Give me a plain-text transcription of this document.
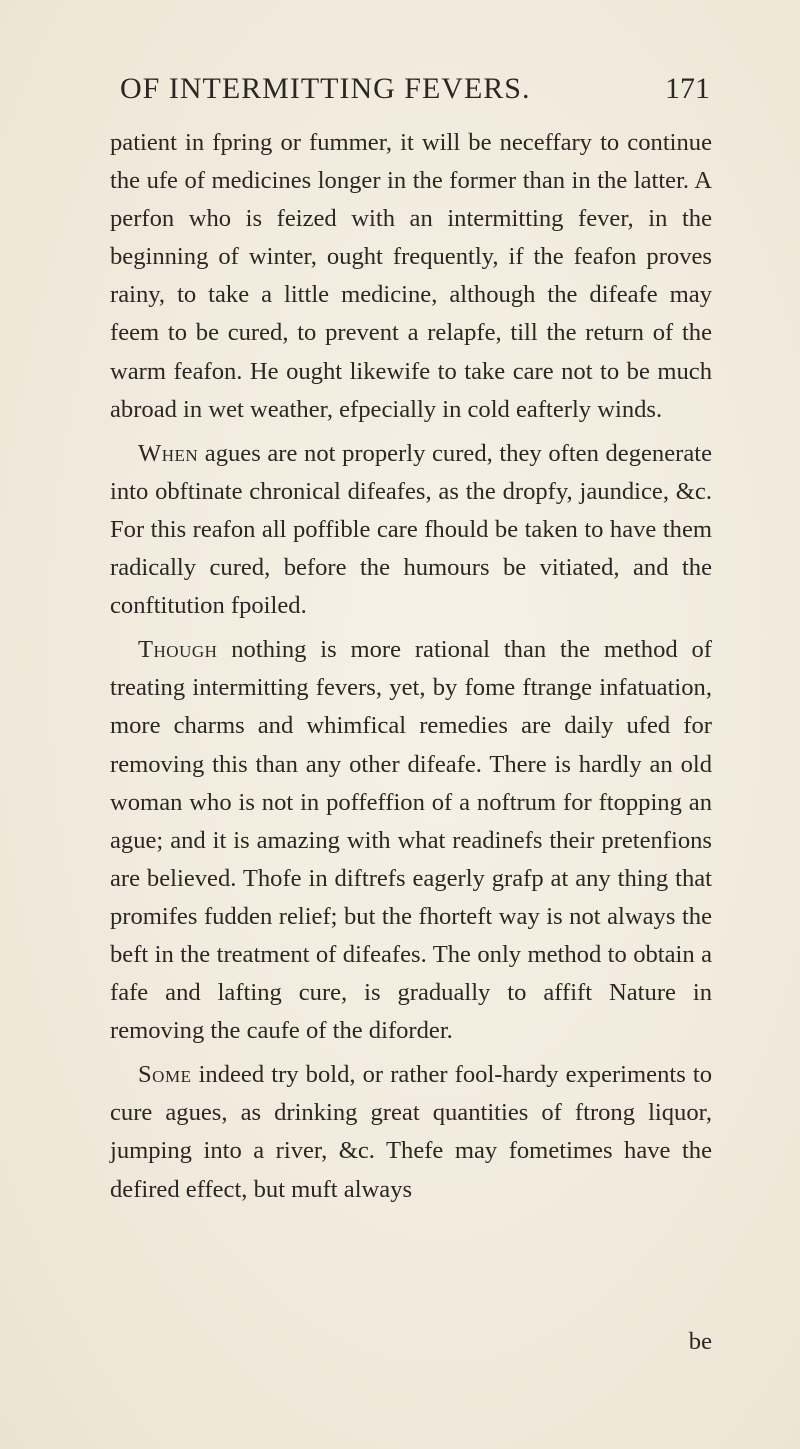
OF INTERMITTING FEVERS.	171

patient in fpring or fummer, it will be neceffary to continue the ufe of medicines longer in the former than in the latter. A perfon who is feized with an intermitting fever, in the beginning of winter, ought frequently, if the feafon proves rainy, to take a little medicine, although the difeafe may feem to be cured, to prevent a relapfe, till the return of the warm feafon. He ought likewife to take care not to be much abroad in wet weather, efpecially in cold eafterly winds.

When agues are not properly cured, they often degenerate into obftinate chronical difeafes, as the dropfy, jaundice, &c. For this reafon all poffible care fhould be taken to have them radically cured, before the humours be vitiated, and the conftitution fpoiled.

Though nothing is more rational than the method of treating intermitting fevers, yet, by fome ftrange infatuation, more charms and whimfical remedies are daily ufed for removing this than any other difeafe. There is hardly an old woman who is not in poffeffion of a noftrum for ftopping an ague; and it is amazing with what readinefs their pretenfions are believed. Thofe in diftrefs eagerly grafp at any thing that promifes fudden relief; but the fhorteft way is not always the beft in the treatment of difeafes. The only method to obtain a fafe and lafting cure, is gradually to affift Nature in removing the caufe of the diforder.

Some indeed try bold, or rather fool-hardy experiments to cure agues, as drinking great quantities of ftrong liquor, jumping into a river, &c. Thefe may fometimes have the defired effect, but muft always

be
